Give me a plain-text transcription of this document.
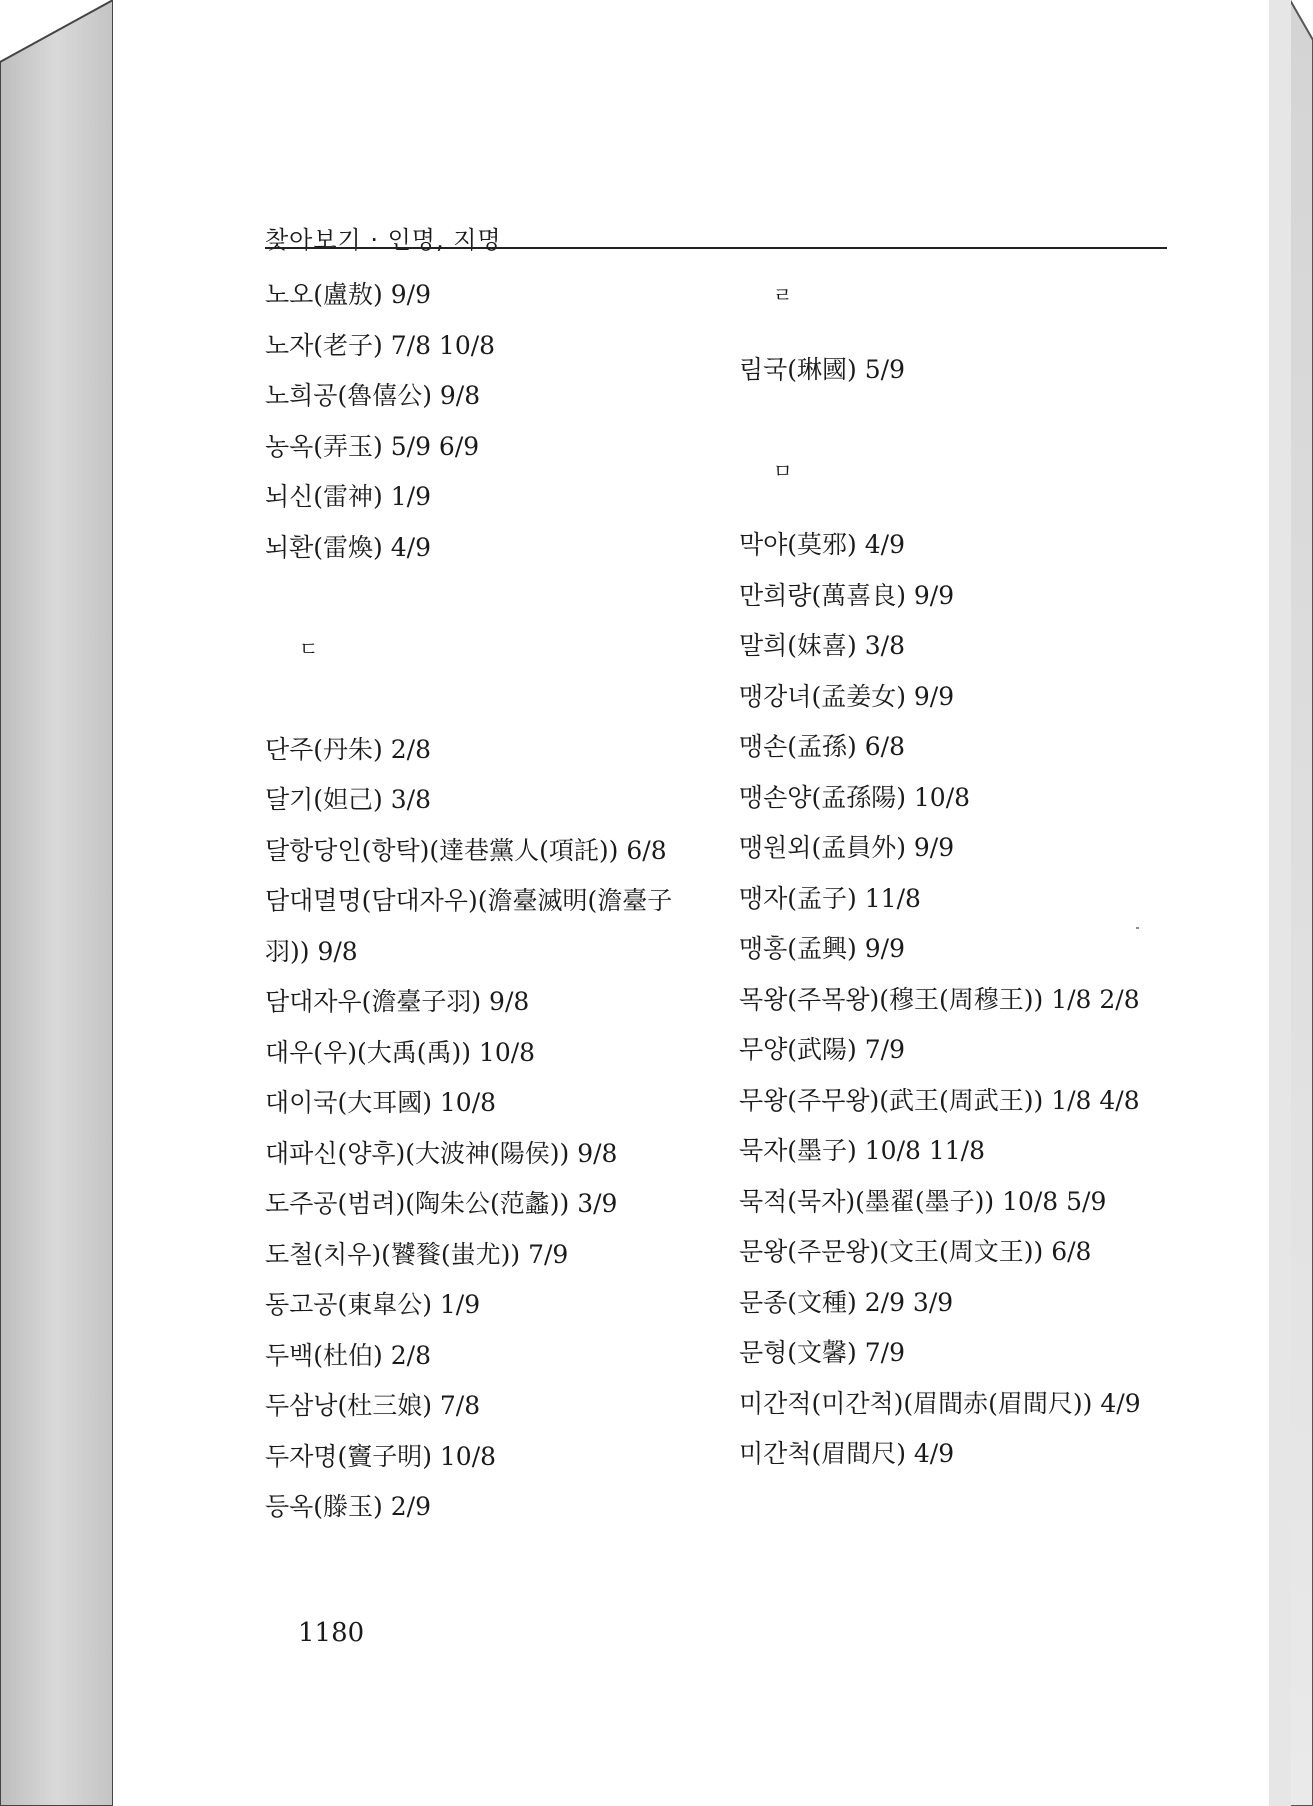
찾아보기 · 인명, 지명
노오(盧敖) 9/9
노자(老子) 7/8 10/8
노희공(魯僖公) 9/8
농옥(弄玉) 5/9 6/9
뇌신(雷神) 1/9
뇌환(雷煥) 4/9
ㄷ
단주(丹朱) 2/8
달기(妲己) 3/8
달항당인(항탁)(達巷黨人(項託)) 6/8
담대멸명(담대자우)(澹臺滅明(澹臺子
羽)) 9/8
담대자우(澹臺子羽) 9/8
대우(우)(大禹(禹)) 10/8
대이국(大耳國) 10/8
대파신(양후)(大波神(陽侯)) 9/8
도주공(범려)(陶朱公(范蠡)) 3/9
도철(치우)(饕餮(蚩尤)) 7/9
동고공(東皐公) 1/9
두백(杜伯) 2/8
두삼낭(杜三娘) 7/8
두자명(竇子明) 10/8
등옥(滕玉) 2/9
ㄹ
림국(琳國) 5/9
ㅁ
막야(莫邪) 4/9
만희량(萬喜良) 9/9
말희(妺喜) 3/8
맹강녀(孟姜女) 9/9
맹손(孟孫) 6/8
맹손양(孟孫陽) 10/8
맹원외(孟員外) 9/9
맹자(孟子) 11/8
맹홍(孟興) 9/9
목왕(주목왕)(穆王(周穆王)) 1/8 2/8
무양(武陽) 7/9
무왕(주무왕)(武王(周武王)) 1/8 4/8
묵자(墨子) 10/8 11/8
묵적(묵자)(墨翟(墨子)) 10/8 5/9
문왕(주문왕)(文王(周文王)) 6/8
문종(文種) 2/9 3/9
문형(文馨) 7/9
미간적(미간척)(眉間赤(眉間尺)) 4/9
미간척(眉間尺) 4/9
1180
